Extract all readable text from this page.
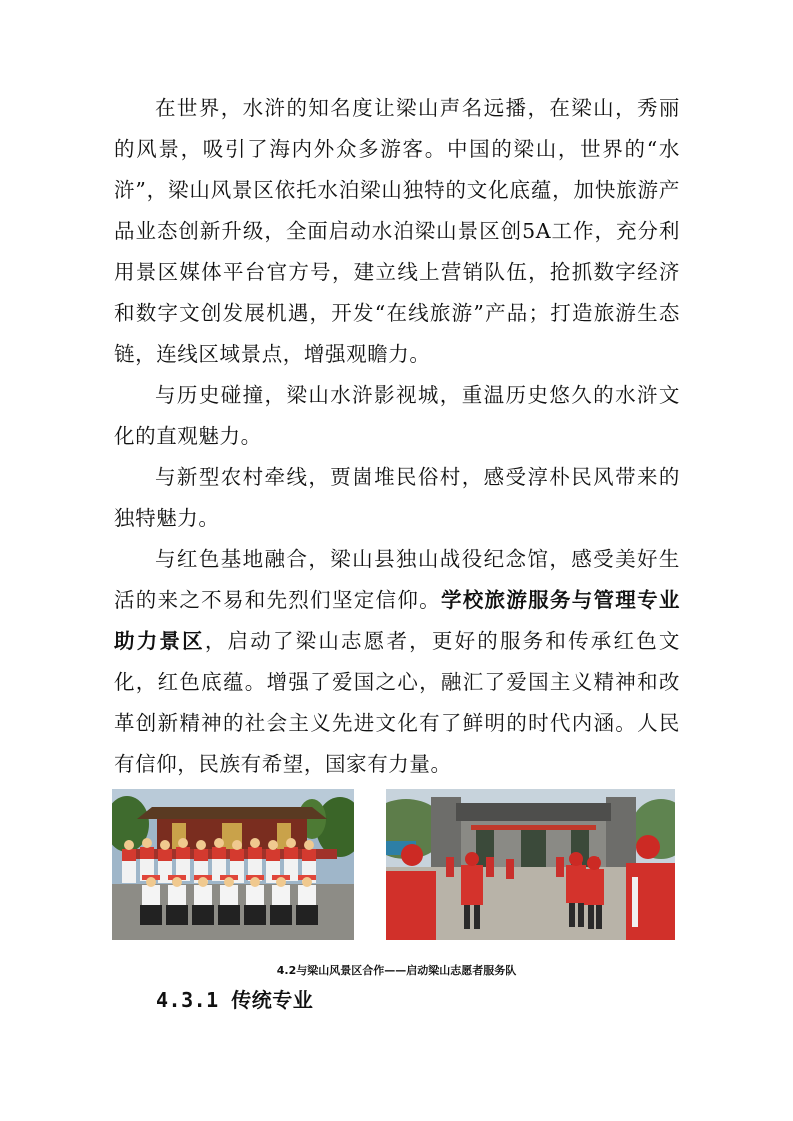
在世界，水浒的知名度让梁山声名远播，在梁山，秀丽的风景，吸引了海内外众多游客。中国的梁山，世界的“水浒”，梁山风景区依托水泊梁山独特的文化底蕴，加快旅游产品业态创新升级，全面启动水泊梁山景区创5A工作，充分利用景区媒体平台官方号，建立线上营销队伍，抢抓数字经济和数字文创发展机遇，开发“在线旅游”产品；打造旅游生态链，连线区域景点，增强观瞻力。

与历史碰撞，梁山水浒影视城，重温历史悠久的水浒文化的直观魅力。

与新型农村牵线，贾崮堆民俗村，感受淳朴民风带来的独特魅力。

与红色基地融合，梁山县独山战役纪念馆，感受美好生活的来之不易和先烈们坚定信仰。学校旅游服务与管理专业助力景区，启动了梁山志愿者，更好的服务和传承红色文化，红色底蕴。增强了爱国之心，融汇了爱国主义精神和改革创新精神的社会主义先进文化有了鲜明的时代内涵。人民有信仰，民族有希望，国家有力量。

4.2与梁山风景区合作——启动梁山志愿者服务队
4.3.1 传统专业
